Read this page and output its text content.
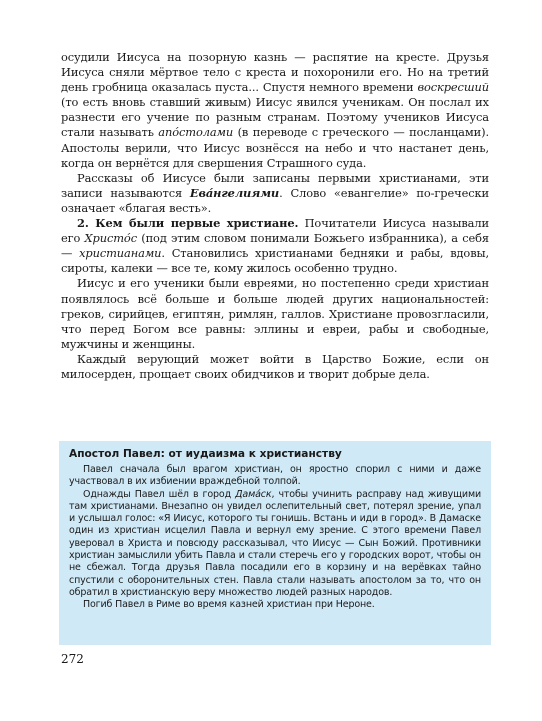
осудили Иисуса на позорную казнь — распятие на кресте. Друзья Иисуса сняли мёртвое тело с креста и похоронили его. Но на третий день гробница оказалась пуста... Спустя немного времени воскресший (то есть вновь ставший живым) Иисус явился ученикам. Он послал их разнести его учение по разным странам. Поэтому учеников Иисуса стали называть апо́столами (в переводе с греческого — посланцами). Апостолы верили, что Иисус вознёсся на небо и что настанет день, когда он вернётся для свершения Страшного суда.

Рассказы об Иисусе были записаны первыми христианами, эти записи называются Ева́нгелиями. Слово «евангелие» по-гречески означает «благая весть».

2. Кем были первые христиане. Почитатели Иисуса называли его Христо́с (под этим словом понимали Божьего избранника), а себя — христианами. Становились христианами бедняки и рабы, вдовы, сироты, калеки — все те, кому жилось особенно трудно.

Иисус и его ученики были евреями, но постепенно среди христиан появлялось всё больше и больше людей других национальностей: греков, сирийцев, египтян, римлян, галлов. Христиане провозгласили, что перед Богом все равны: эллины и евреи, рабы и свободные, мужчины и женщины.

Каждый верующий может войти в Царство Божие, если он милосерден, прощает своих обидчиков и творит добрые дела.

Апостол Павел: от иудаизма к христианству

Павел сначала был врагом христиан, он яростно спорил с ними и даже участвовал в их избиении враждебной толпой.

Однажды Павел шёл в город Дама́ск, чтобы учинить расправу над живущими там христианами. Внезапно он увидел ослепительный свет, потерял зрение, упал и услышал голос: «Я Иисус, которого ты гонишь. Встань и иди в город». В Дамаске один из христиан исцелил Павла и вернул ему зрение. С этого времени Павел уверовал в Христа и повсюду рассказывал, что Иисус — Сын Божий. Противники христиан замыслили убить Павла и стали стеречь его у городских ворот, чтобы он не сбежал. Тогда друзья Павла посадили его в корзину и на верёвках тайно спустили с оборонительных стен. Павла стали называть апостолом за то, что он обратил в христианскую веру множество людей разных народов.

Погиб Павел в Риме во время казней христиан при Нероне.

272
